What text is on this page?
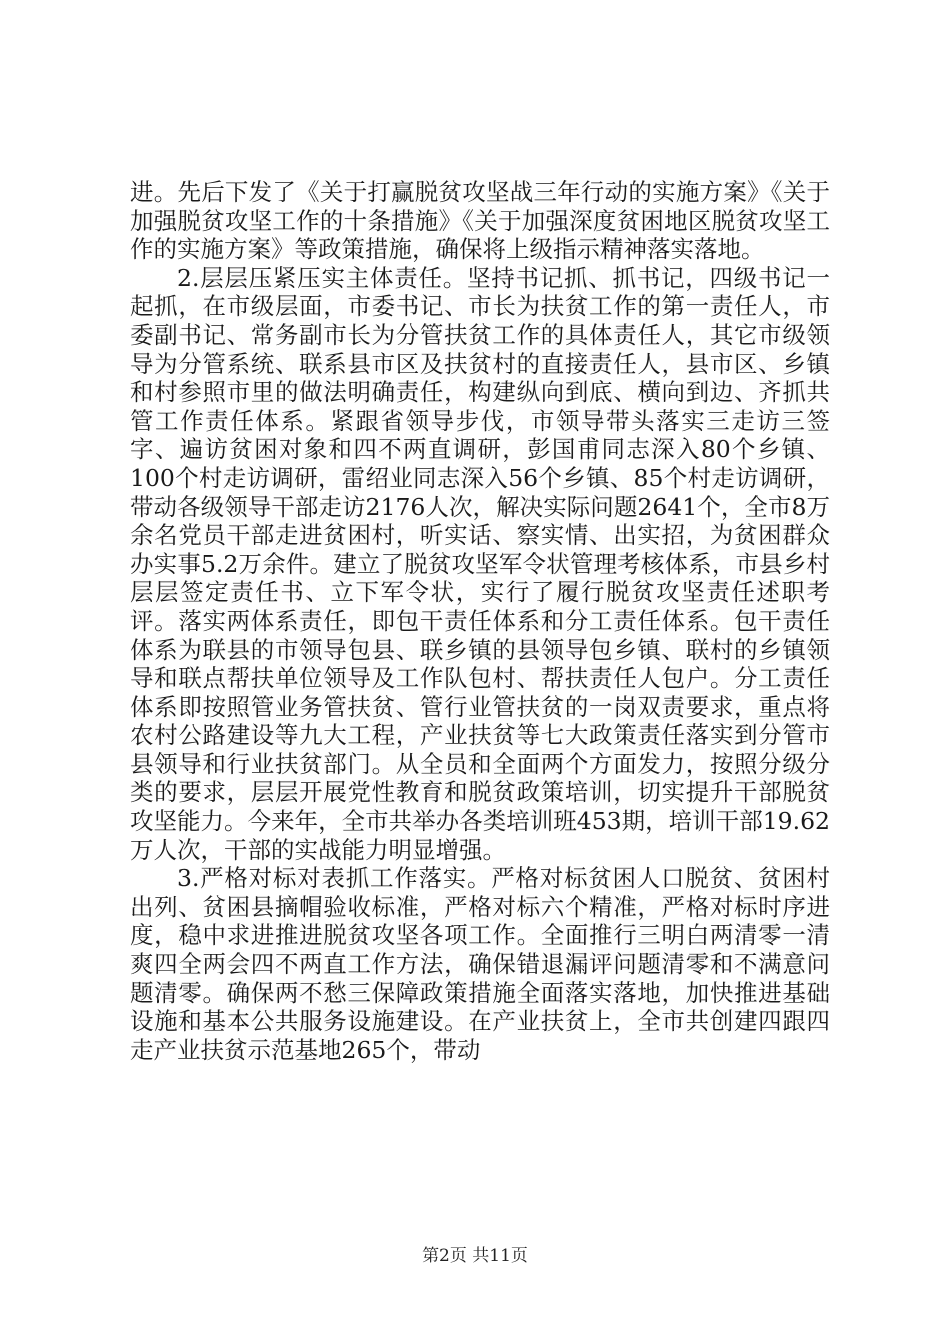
进。先后下发了《关于打赢脱贫攻坚战三年行动的实施方案》《关于加强脱贫攻坚工作的十条措施》《关于加强深度贫困地区脱贫攻坚工作的实施方案》等政策措施，确保将上级指示精神落实落地。

2.层层压紧压实主体责任。坚持书记抓、抓书记，四级书记一起抓，在市级层面，市委书记、市长为扶贫工作的第一责任人，市委副书记、常务副市长为分管扶贫工作的具体责任人，其它市级领导为分管系统、联系县市区及扶贫村的直接责任人，县市区、乡镇和村参照市里的做法明确责任，构建纵向到底、横向到边、齐抓共管工作责任体系。紧跟省领导步伐，市领导带头落实三走访三签字、遍访贫困对象和四不两直调研，彭国甫同志深入80个乡镇、100个村走访调研，雷绍业同志深入56个乡镇、85个村走访调研，带动各级领导干部走访2176人次，解决实际问题2641个，全市8万余名党员干部走进贫困村，听实话、察实情、出实招，为贫困群众办实事5.2万余件。建立了脱贫攻坚军令状管理考核体系，市县乡村层层签定责任书、立下军令状，实行了履行脱贫攻坚责任述职考评。落实两体系责任，即包干责任体系和分工责任体系。包干责任体系为联县的市领导包县、联乡镇的县领导包乡镇、联村的乡镇领导和联点帮扶单位领导及工作队包村、帮扶责任人包户。分工责任体系即按照管业务管扶贫、管行业管扶贫的一岗双责要求，重点将农村公路建设等九大工程，产业扶贫等七大政策责任落实到分管市县领导和行业扶贫部门。从全员和全面两个方面发力，按照分级分类的要求，层层开展党性教育和脱贫政策培训，切实提升干部脱贫攻坚能力。今来年，全市共举办各类培训班453期，培训干部19.62万人次，干部的实战能力明显增强。

3.严格对标对表抓工作落实。严格对标贫困人口脱贫、贫困村出列、贫困县摘帽验收标准，严格对标六个精准，严格对标时序进度，稳中求进推进脱贫攻坚各项工作。全面推行三明白两清零一清爽四全两会四不两直工作方法，确保错退漏评问题清零和不满意问题清零。确保两不愁三保障政策措施全面落实落地，加快推进基础设施和基本公共服务设施建设。在产业扶贫上，全市共创建四跟四走产业扶贫示范基地265个，带动

第2页 共11页
